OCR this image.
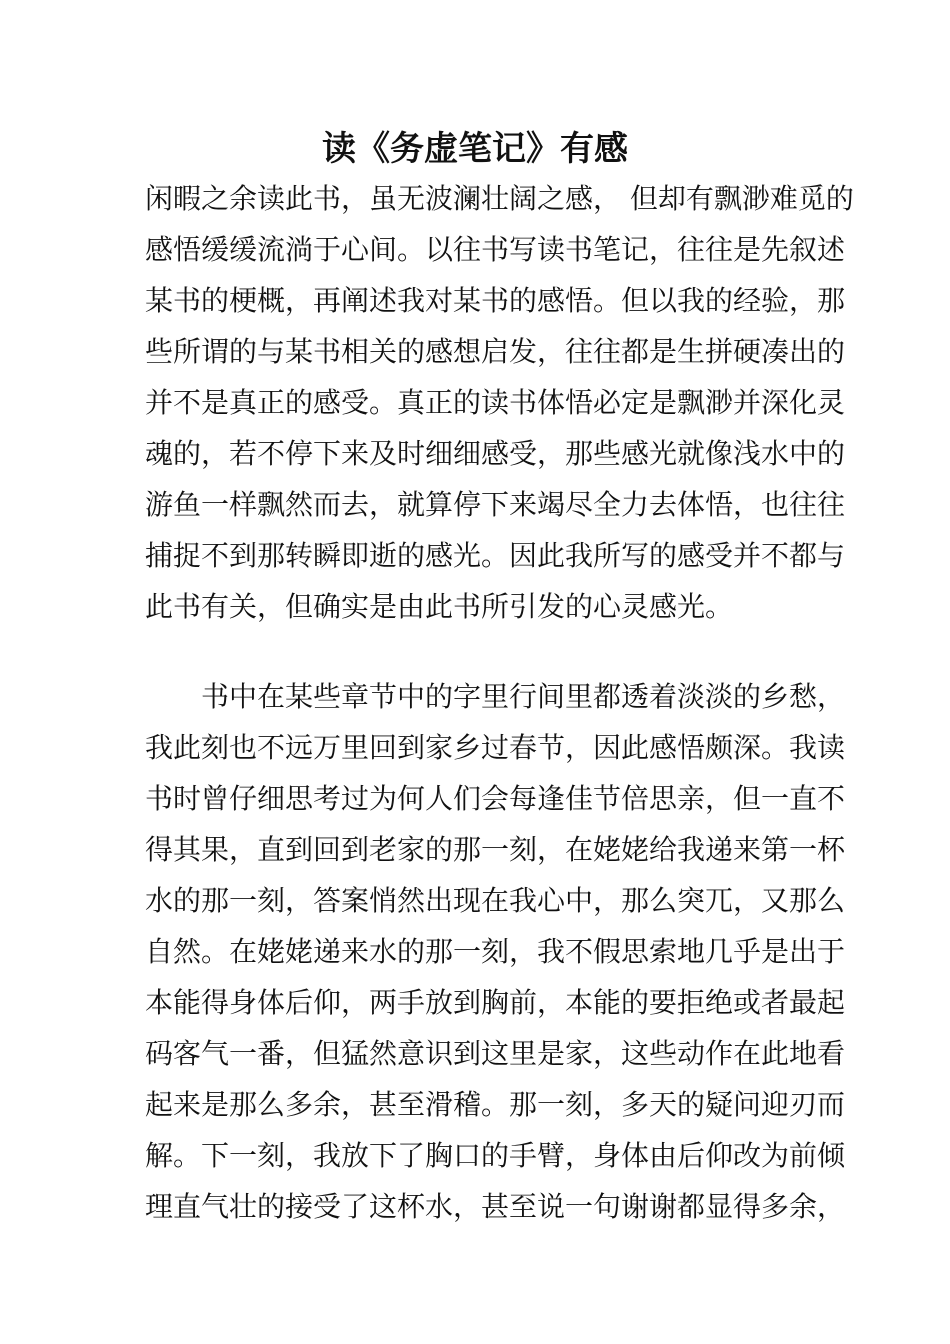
读《务虚笔记》有感

闲暇之余读此书，虽无波澜壮阔之感， 但却有飘渺难觅的

感悟缓缓流淌于心间。以往书写读书笔记，往往是先叙述

某书的梗概，再阐述我对某书的感悟。但以我的经验，那

些所谓的与某书相关的感想启发，往往都是生拼硬凑出的

并不是真正的感受。真正的读书体悟必定是飘渺并深化灵

魂的，若不停下来及时细细感受，那些感光就像浅水中的

游鱼一样飘然而去，就算停下来竭尽全力去体悟，也往往

捕捉不到那转瞬即逝的感光。因此我所写的感受并不都与

此书有关，但确实是由此书所引发的心灵感光。

书中在某些章节中的字里行间里都透着淡淡的乡愁，

我此刻也不远万里回到家乡过春节，因此感悟颇深。我读

书时曾仔细思考过为何人们会每逢佳节倍思亲，但一直不

得其果，直到回到老家的那一刻，在姥姥给我递来第一杯

水的那一刻，答案悄然出现在我心中，那么突兀，又那么

自然。在姥姥递来水的那一刻，我不假思索地几乎是出于

本能得身体后仰，两手放到胸前，本能的要拒绝或者最起

码客气一番，但猛然意识到这里是家，这些动作在此地看

起来是那么多余，甚至滑稽。那一刻，多天的疑问迎刃而

解。下一刻，我放下了胸口的手臂，身体由后仰改为前倾

理直气壮的接受了这杯水，甚至说一句谢谢都显得多余，
